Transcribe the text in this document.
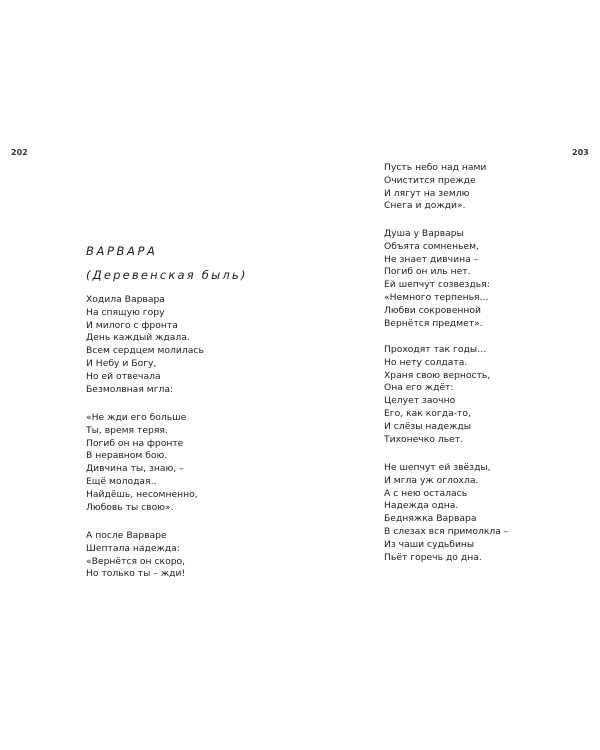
202	203
ВАРВАРА
(Деревенская быль)
Ходила Варвара
На спящую гору
И милого с фронта
День каждый ждала.
Всем сердцем молилась
И Небу и Богу,
Но ей отвечала
Безмолвная мгла:
«Не жди его больше
Ты, время теряя.
Погиб он на фронте
В неравном бою.
Дивчина ты, знаю, –
Ещё молодая..
Найдёшь, несомненно,
Любовь ты свою».
А после Варваре
Шептала надежда:
«Вернётся он скоро,
Но только ты – жди!
Пусть небо над нами
Очистится прежде
И лягут на землю
Снега и дожди».
Душа у Варвары
Объята сомненьем,
Не знает дивчина –
Погиб он иль нет.
Ей шепчут созвездья:
«Немного терпенья…
Любви сокровенной
Вернётся предмет».
Проходят так годы…
Но нету солдата.
Храня свою верность,
Она его ждёт:
Целует заочно
Его, как когда-то,
И слёзы надежды
Тихонечко льет.
Не шепчут ей звёзды,
И мгла уж оглохла.
А с нею осталась
Надежда одна.
Бедняжка Варвара
В слезах вся примолкла –
Из чаши судьбины
Пьёт горечь до дна.
